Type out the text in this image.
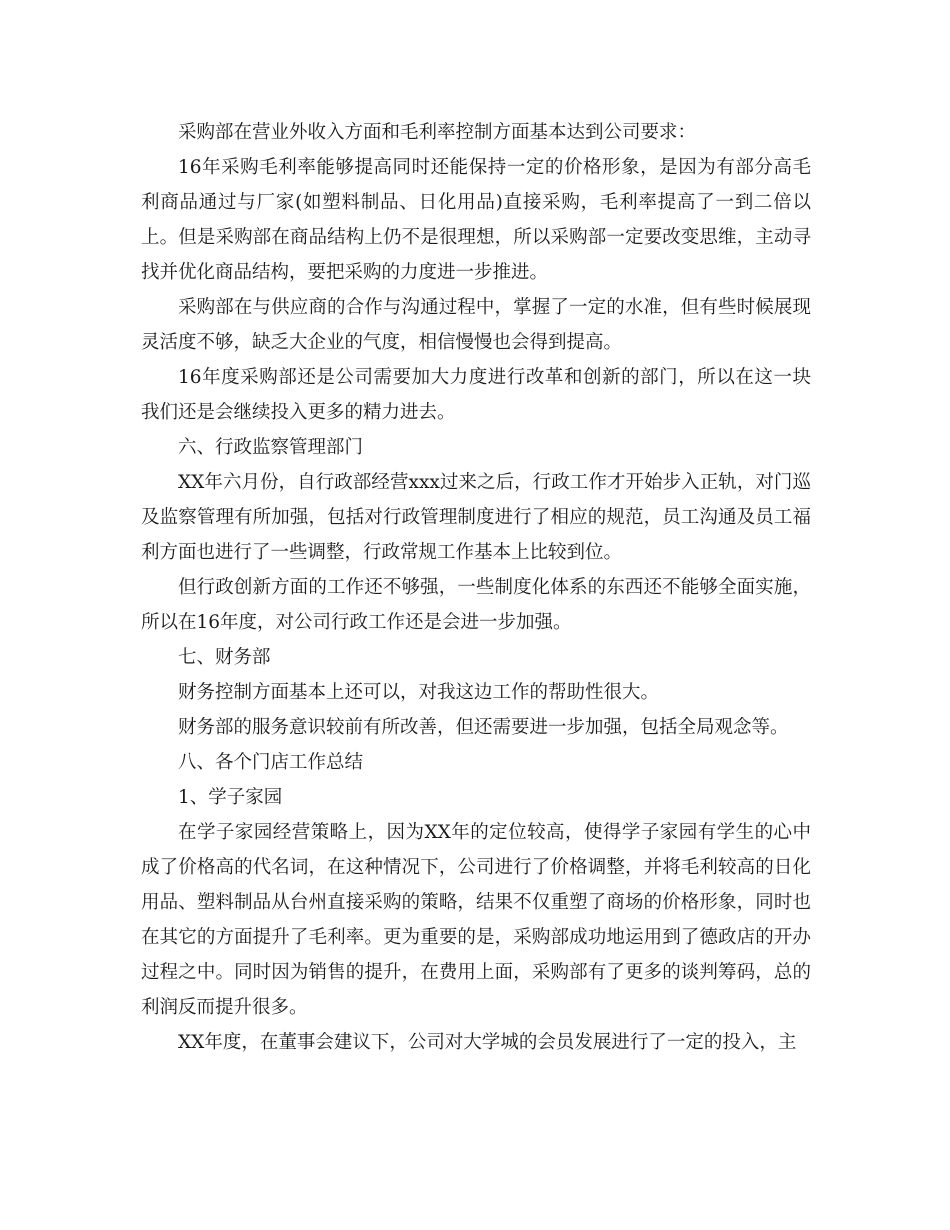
采购部在营业外收入方面和毛利率控制方面基本达到公司要求：

16年采购毛利率能够提高同时还能保持一定的价格形象，是因为有部分高毛利商品通过与厂家(如塑料制品、日化用品)直接采购，毛利率提高了一到二倍以上。但是采购部在商品结构上仍不是很理想，所以采购部一定要改变思维，主动寻找并优化商品结构，要把采购的力度进一步推进。

采购部在与供应商的合作与沟通过程中，掌握了一定的水准，但有些时候展现灵活度不够，缺乏大企业的气度，相信慢慢也会得到提高。

16年度采购部还是公司需要加大力度进行改革和创新的部门，所以在这一块我们还是会继续投入更多的精力进去。

六、行政监察管理部门

XX年六月份，自行政部经营xxx过来之后，行政工作才开始步入正轨，对门巡及监察管理有所加强，包括对行政管理制度进行了相应的规范，员工沟通及员工福利方面也进行了一些调整，行政常规工作基本上比较到位。

但行政创新方面的工作还不够强，一些制度化体系的东西还不能够全面实施，所以在16年度，对公司行政工作还是会进一步加强。

七、财务部

财务控制方面基本上还可以，对我这边工作的帮助性很大。

财务部的服务意识较前有所改善，但还需要进一步加强，包括全局观念等。

八、各个门店工作总结

1、学子家园

在学子家园经营策略上，因为XX年的定位较高，使得学子家园有学生的心中成了价格高的代名词，在这种情况下，公司进行了价格调整，并将毛利较高的日化用品、塑料制品从台州直接采购的策略，结果不仅重塑了商场的价格形象，同时也在其它的方面提升了毛利率。更为重要的是，采购部成功地运用到了德政店的开办过程之中。同时因为销售的提升，在费用上面，采购部有了更多的谈判筹码，总的利润反而提升很多。

XX年度，在董事会建议下，公司对大学城的会员发展进行了一定的投入，主
